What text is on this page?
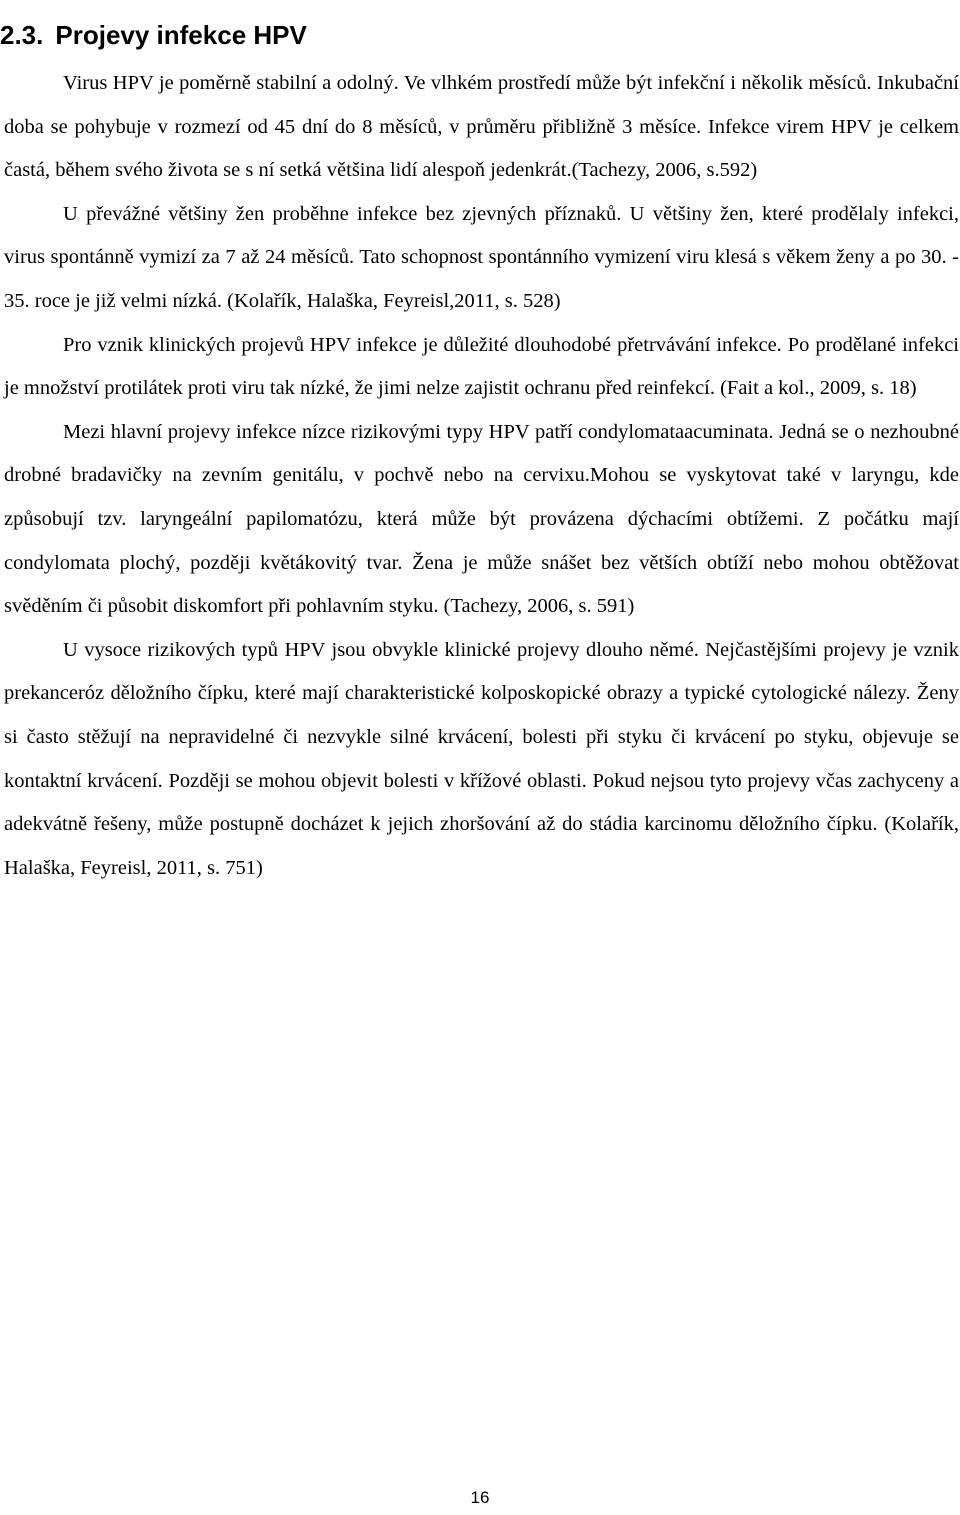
2.3. Projevy infekce HPV

Virus HPV je poměrně stabilní a odolný. Ve vlhkém prostředí může být infekční i několik měsíců. Inkubační doba se pohybuje v rozmezí od 45 dní do 8 měsíců, v průměru přibližně 3 měsíce. Infekce virem HPV je celkem častá, během svého života se s ní setká většina lidí alespoň jedenkrát.(Tachezy, 2006, s.592)

U převážné většiny žen proběhne infekce bez zjevných příznaků. U většiny žen, které prodělaly infekci, virus spontánně vymizí za 7 až 24 měsíců. Tato schopnost spontánního vymizení viru klesá s věkem ženy a po 30. - 35. roce je již velmi nízká. (Kolařík, Halaška, Feyreisl,2011, s. 528)

Pro vznik klinických projevů HPV infekce je důležité dlouhodobé přetrvávání infekce. Po prodělané infekci je množství protilátek proti viru tak nízké, že jimi nelze zajistit ochranu před reinfekcí. (Fait a kol., 2009, s. 18)

Mezi hlavní projevy infekce nízce rizikovými typy HPV patří condylomataacuminata. Jedná se o nezhoubné drobné bradavičky na zevním genitálu, v pochvě nebo na cervixu.Mohou se vyskytovat také v laryngu, kde způsobují tzv. laryngeální papilomatózu, která může být provázena dýchacími obtížemi. Z počátku mají condylomata plochý, později květákovitý tvar. Žena je může snášet bez větších obtíží nebo mohou obtěžovat svěděním či působit diskomfort při pohlavním styku. (Tachezy, 2006, s. 591)

U vysoce rizikových typů HPV jsou obvykle klinické projevy dlouho němé. Nejčastějšími projevy je vznik prekanceróz děložního čípku, které mají charakteristické kolposkopické obrazy a typické cytologické nálezy. Ženy si často stěžují na nepravidelné či nezvykle silné krvácení, bolesti při styku či krvácení po styku, objevuje se kontaktní krvácení. Později se mohou objevit bolesti v křížové oblasti. Pokud nejsou tyto projevy včas zachyceny a adekvátně řešeny, může postupně docházet k jejich zhoršování až do stádia karcinomu děložního čípku. (Kolařík, Halaška, Feyreisl, 2011, s. 751)

16
